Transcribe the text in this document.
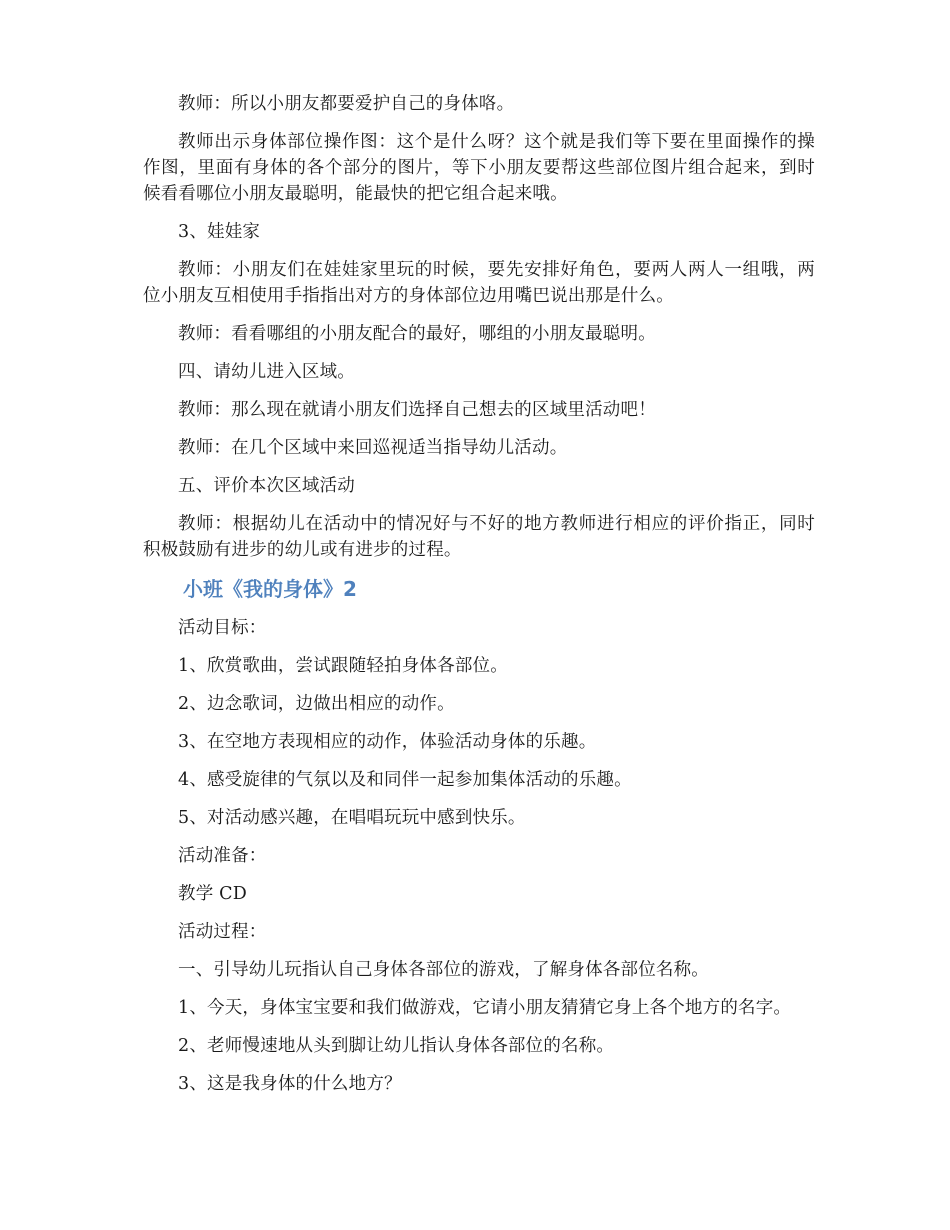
教师：所以小朋友都要爱护自己的身体咯。

教师出示身体部位操作图：这个是什么呀？这个就是我们等下要在里面操作的操作图，里面有身体的各个部分的图片，等下小朋友要帮这些部位图片组合起来，到时候看看哪位小朋友最聪明，能最快的把它组合起来哦。

3、娃娃家

教师：小朋友们在娃娃家里玩的时候，要先安排好角色，要两人两人一组哦，两位小朋友互相使用手指指出对方的身体部位边用嘴巴说出那是什么。

教师：看看哪组的小朋友配合的最好，哪组的小朋友最聪明。

四、请幼儿进入区域。

教师：那么现在就请小朋友们选择自己想去的区域里活动吧！

教师：在几个区域中来回巡视适当指导幼儿活动。

五、评价本次区域活动

教师：根据幼儿在活动中的情况好与不好的地方教师进行相应的评价指正，同时积极鼓励有进步的幼儿或有进步的过程。

小班《我的身体》2

活动目标：

1、欣赏歌曲，尝试跟随轻拍身体各部位。

2、边念歌词，边做出相应的动作。

3、在空地方表现相应的动作，体验活动身体的乐趣。

4、感受旋律的气氛以及和同伴一起参加集体活动的乐趣。

5、对活动感兴趣，在唱唱玩玩中感到快乐。

活动准备：

教学 CD

活动过程：

一、引导幼儿玩指认自己身体各部位的游戏，了解身体各部位名称。

1、今天，身体宝宝要和我们做游戏，它请小朋友猜猜它身上各个地方的名字。

2、老师慢速地从头到脚让幼儿指认身体各部位的名称。

3、这是我身体的什么地方？
